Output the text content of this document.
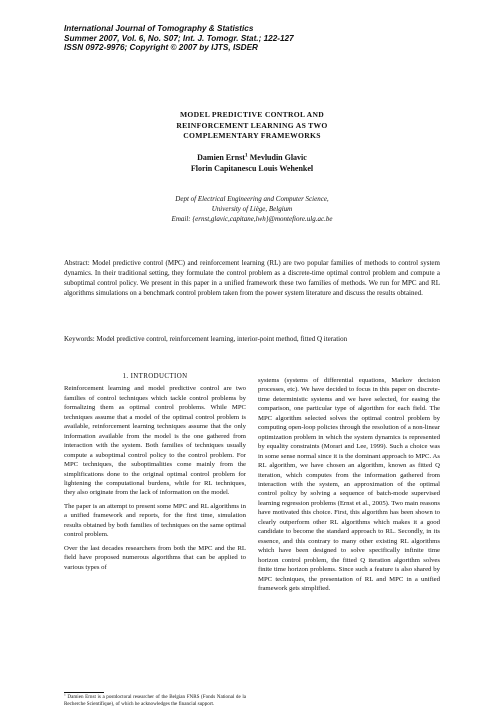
International Journal of Tomography & Statistics
Summer 2007, Vol. 6, No. S07; Int. J. Tomogr. Stat.; 122-127
ISSN 0972-9976; Copyright © 2007 by IJTS, ISDER
MODEL PREDICTIVE CONTROL AND
REINFORCEMENT LEARNING AS TWO
COMPLEMENTARY FRAMEWORKS
Damien Ernst$^1$ Mevludin Glavic
Florin Capitanescu Louis Wehenkel
Dept of Electrical Engineering and Computer Science,
University of Liège, Belgium
Email: {ernst,glavic,capitane,lwh}@montefiore.ulg.ac.be
Abstract: Model predictive control (MPC) and reinforcement learning (RL) are two popular families of methods to control system dynamics. In their traditional setting, they formulate the control problem as a discrete-time optimal control problem and compute a suboptimal control policy. We present in this paper in a unified framework these two families of methods. We run for MPC and RL algorithms simulations on a benchmark control problem taken from the power system literature and discuss the results obtained.
Keywords: Model predictive control, reinforcement learning, interior-point method, fitted Q iteration
1. INTRODUCTION

Reinforcement learning and model predictive control are two families of control techniques which tackle control problems by formalizing them as optimal control problems. While MPC techniques assume that a model of the optimal control problem is available, reinforcement learning techniques assume that the only information available from the model is the one gathered from interaction with the system. Both families of techniques usually compute a suboptimal control policy to the control problem. For MPC techniques, the suboptimalities come mainly from the simplifications done to the original optimal control problem for lightening the computational burdens, while for RL techniques, they also originate from the lack of information on the model.

The paper is an attempt to present some MPC and RL algorithms in a unified framework and reports, for the first time, simulation results obtained by both families of techniques on the same optimal control problem.

Over the last decades researchers from both the MPC and the RL field have proposed numerous algorithms that can be applied to various types of

systems (systems of differential equations, Markov decision processes, etc). We have decided to focus in this paper on discrete-time deterministic systems and we have selected, for easing the comparison, one particular type of algorithm for each field. The MPC algorithm selected solves the optimal control problem by computing open-loop policies through the resolution of a non-linear optimization problem in which the system dynamics is represented by equality constraints (Morari and Lee, 1999). Such a choice was in some sense normal since it is the dominant approach to MPC. As RL algorithm, we have chosen an algorithm, known as fitted Q iteration, which computes from the information gathered from interaction with the system, an approximation of the optimal control policy by solving a sequence of batch-mode supervised learning regression problems (Ernst et al., 2005). Two main reasons have motivated this choice. First, this algorithm has been shown to clearly outperform other RL algorithms which makes it a good candidate to become the standard approach to RL. Secondly, in its essence, and this contrary to many other existing RL algorithms which have been designed to solve specifically infinite time horizon control problem, the fitted Q iteration algorithm solves finite time horizon problems. Since such a feature is also shared by MPC techniques, the presentation of RL and MPC in a unified framework gets simplified.

$^1$ Damien Ernst is a postdoctoral researcher of the Belgian FNRS (Fonds National de la Recherche Scientifique), of which he acknowledges the financial support.
